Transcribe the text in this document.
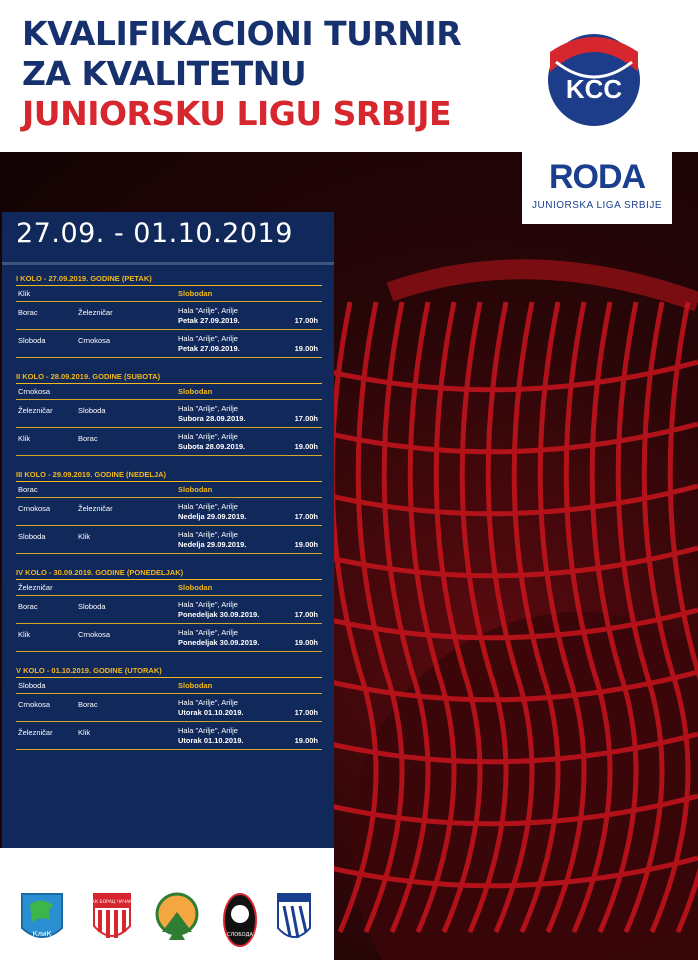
KVALIFIKACIONI TURNIR
ZA KVALITETNU
JUNIORSKU LIGU SRBIJE
KCC
RODA
JUNIORSKA LIGA SRBIJE
27.09. - 01.10.2019
I KOLO - 27.09.2019. GODINE (PETAK)
Klik	Slobodan
Borac	Železničar	Hala "Arilje", Arilje
Petak 27.09.2019.	17.00h
Sloboda	Crnokosa	Hala "Arilje", Arilje
Petak 27.09.2019.	19.00h
II KOLO - 28.09.2019. GODINE (SUBOTA)
Crnokosa	Slobodan
Železničar	Sloboda	Hala "Arilje", Arilje
Subora 28.09.2019.	17.00h
Klik	Borac	Hala "Arilje", Arilje
Subota 28.09.2019.	19.00h
III KOLO - 29.09.2019. GODINE (NEDELJA)
Borac	Slobodan
Crnokosa	Železničar	Hala "Arilje", Arilje
Nedelja 29.09.2019.	17.00h
Sloboda	Klik	Hala "Arilje", Arilje
Nedelja 29.09.2019.	19.00h
IV KOLO - 30.09.2019. GODINE (PONEDELJAK)
Železničar	Slobodan
Borac	Sloboda	Hala "Arilje", Arilje
Ponedeljak 30.09.2019.	17.00h
Klik	Crnokosa	Hala "Arilje", Arilje
Ponedeljak 30.09.2019.	19.00h
V KOLO - 01.10.2019. GODINE (UTORAK)
Sloboda	Slobodan
Crnokosa	Borac	Hala "Arilje", Arilje
Utorak 01.10.2019.	17.00h
Železničar	Klik	Hala "Arilje", Arilje
Utorak 01.10.2019.	19.00h
КлиК
КК БОРАЦ ЧАЧАК
СЛОБОДА
